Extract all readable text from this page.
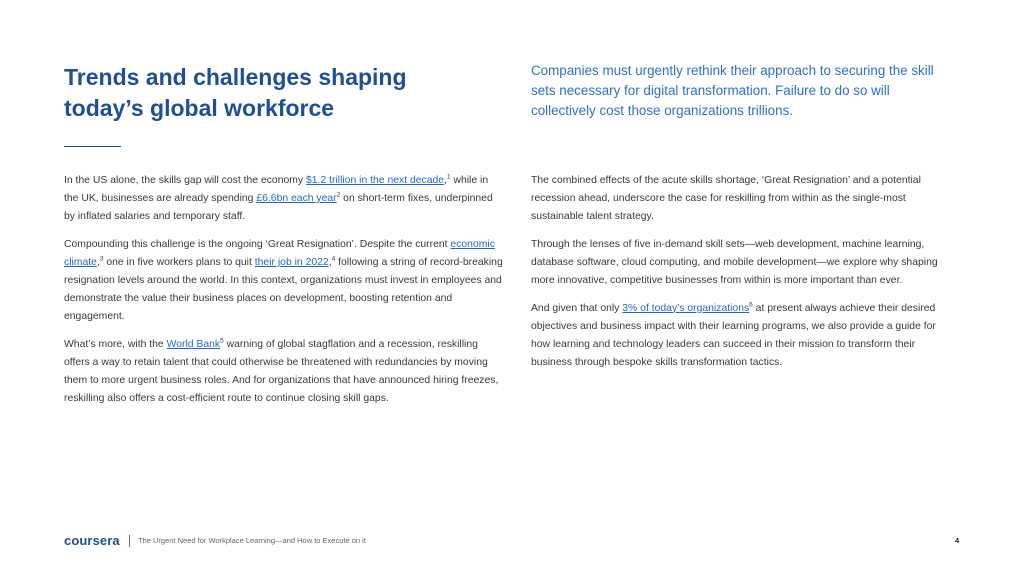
Trends and challenges shaping
today’s global workforce

Companies must urgently rethink their approach to securing the skill sets necessary for digital transformation. Failure to do so will collectively cost those organizations trillions.

In the US alone, the skills gap will cost the economy $1.2 trillion in the next decade,$^1$ while in the UK, businesses are already spending £6.6bn each year$^2$ on short-term fixes, underpinned by inflated salaries and temporary staff.

Compounding this challenge is the ongoing ‘Great Resignation’. Despite the current economic climate,$^3$ one in five workers plans to quit their job in 2022,$^4$ following a string of record-breaking resignation levels around the world. In this context, organizations must invest in employees and demonstrate the value their business places on development, boosting retention and engagement.

What’s more, with the World Bank$^5$ warning of global stagflation and a recession, reskilling offers a way to retain talent that could otherwise be threatened with redundancies by moving them to more urgent business roles. And for organizations that have announced hiring freezes, reskilling also offers a cost-efficient route to continue closing skill gaps.

The combined effects of the acute skills shortage, ‘Great Resignation’ and a potential recession ahead, underscore the case for reskilling from within as the single-most sustainable talent strategy.

Through the lenses of five in-demand skill sets—web development, machine learning, database software, cloud computing, and mobile development—we explore why shaping more innovative, competitive businesses from within is more important than ever.

And given that only 3% of today’s organizations$^6$ at present always achieve their desired objectives and business impact with their learning programs, we also provide a guide for how learning and technology leaders can succeed in their mission to transform their business through bespoke skills transformation tactics.

coursera The Urgent Need for Workplace Learning—and How to Execute on it	4
